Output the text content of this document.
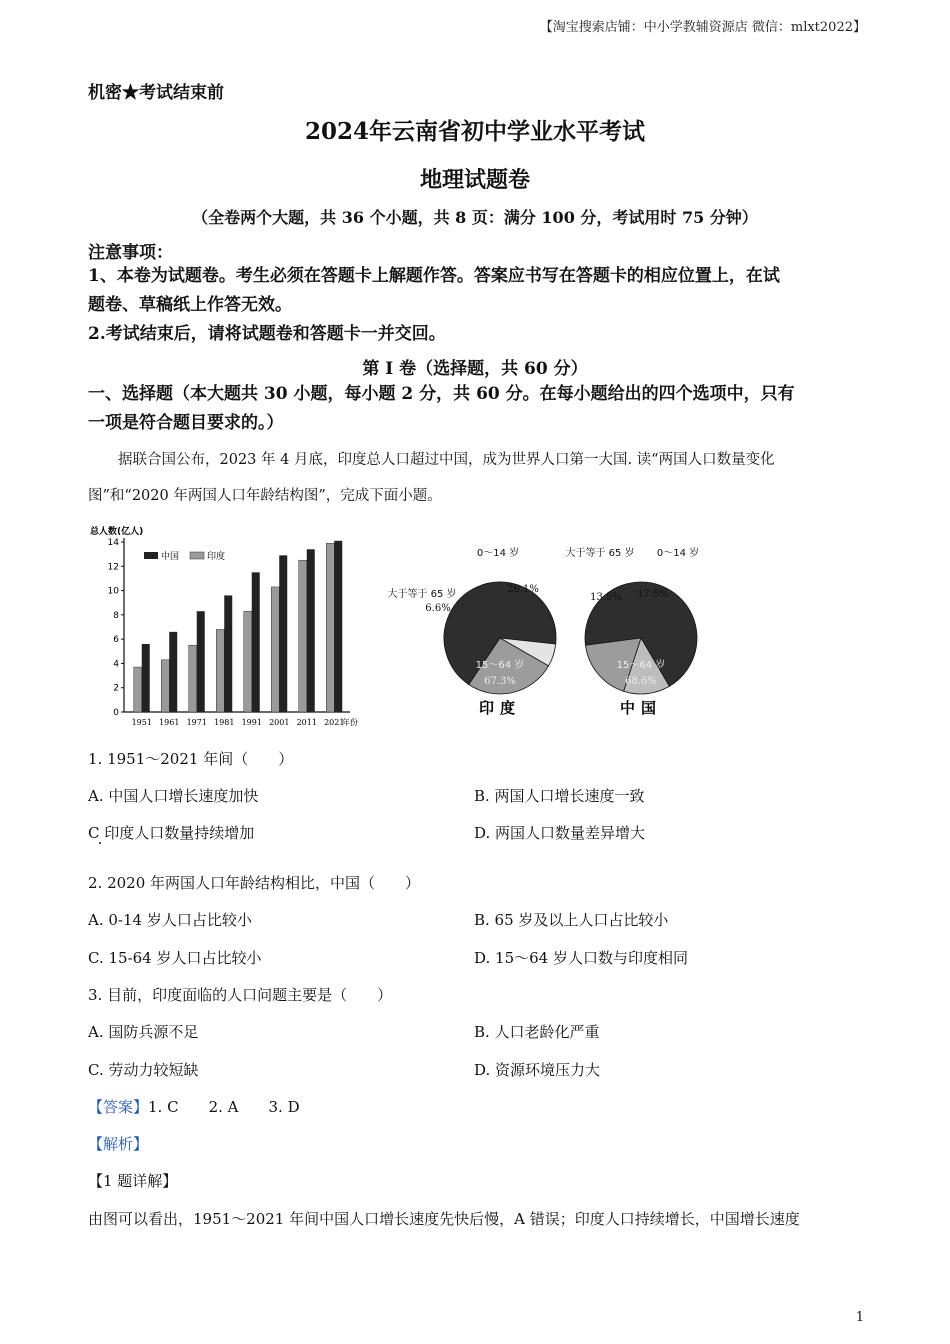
【淘宝搜索店铺：中小学教辅资源店 微信：mlxt2022】
机密★考试结束前
2024年云南省初中学业水平考试
地理试题卷
（全卷两个大题，共 36 个小题，共 8 页：满分 100 分，考试用时 75 分钟）
注意事项：
1、本卷为试题卷。考生必须在答题卡上解题作答。答案应书写在答题卡的相应位置上，在试
题卷、草稿纸上作答无效。
2.考试结束后，请将试题卷和答题卡一并交回。
第 I 卷（选择题，共 60 分）
一、选择题（本大题共 30 小题，每小题 2 分，共 60 分。在每小题给出的四个选项中，只有
一项是符合题目要求的。）
据联合国公布，2023 年 4 月底，印度总人口超过中国，成为世界人口第一大国. 读“两国人口数量变化
图”和“2020 年两国人口年龄结构图”，完成下面小题。
总人数(亿人)
0
2
4
6
8
10
12
14
1951 1961 1971 1981 1991 2001 2011 2021
年份
中国	印度
15～64 岁
67.3%
大于等于 65 岁
6.6%
0～14 岁
26.1%
印度
15～64 岁
68.6%
大于等于 65 岁
13.5%
0～14 岁
17.9%
中国
1. 1951～2021 年间（　　）
A. 中国人口增长速度加快	B. 两国人口增长速度一致
C 印度人口数量持续增加	D. 两国人口数量差异增大
2. 2020 年两国人口年龄结构相比，中国（　　）
A. 0-14 岁人口占比较小	B. 65 岁及以上人口占比较小
C. 15-64 岁人口占比较小	D. 15～64 岁人口数与印度相同
3. 目前，印度面临的人口问题主要是（　　）
A. 国防兵源不足	B. 人口老龄化严重
C. 劳动力较短缺	D. 资源环境压力大
【答案】1. C　　2. A　　3. D
【解析】
【1 题详解】
由图可以看出，1951～2021 年间中国人口增长速度先快后慢，A 错误；印度人口持续增长，中国增长速度
1
